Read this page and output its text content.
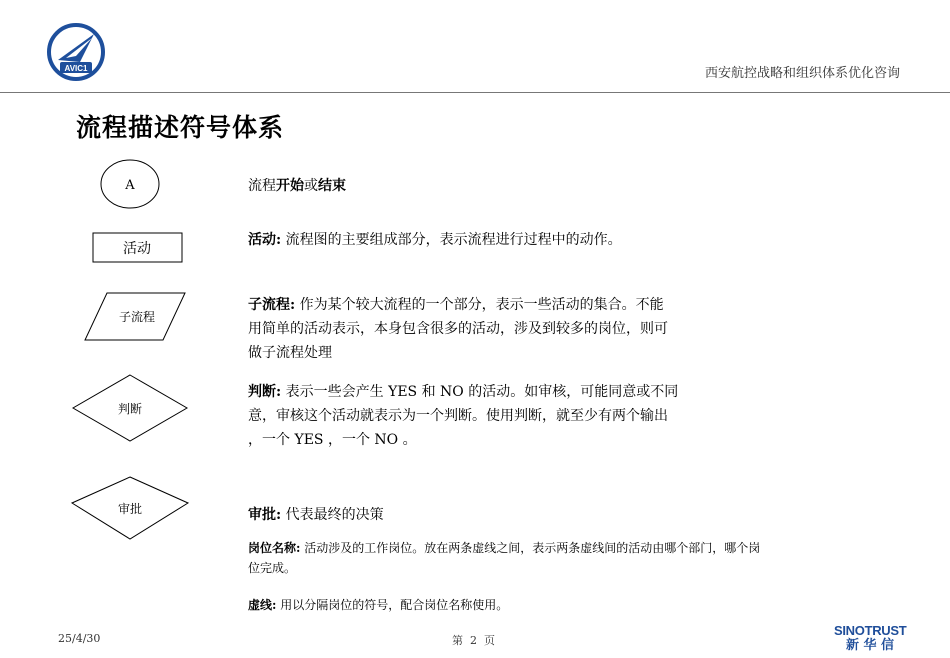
AVIC1	西安航控战略和组织体系优化咨询
流程描述符号体系
A
活动
子流程
判断
审批
流程开始或结束
活动: 流程图的主要组成部分，表示流程进行过程中的动作。
子流程: 作为某个较大流程的一个部分，表示一些活动的集合。不能
用简单的活动表示，本身包含很多的活动，涉及到较多的岗位，则可
做子流程处理
判断: 表示一些会产生 YES 和 NO 的活动。如审核，可能同意或不同
意，审核这个活动就表示为一个判断。使用判断，就至少有两个输出
，一个 YES ，一个 NO 。
审批: 代表最终的决策
岗位名称: 活动涉及的工作岗位。放在两条虚线之间，表示两条虚线间的活动由哪个部门，哪个岗
位完成。
虚线: 用以分隔岗位的符号，配合岗位名称使用。
25/4/30	第 2 页
SINOTRUST
新 华 信
